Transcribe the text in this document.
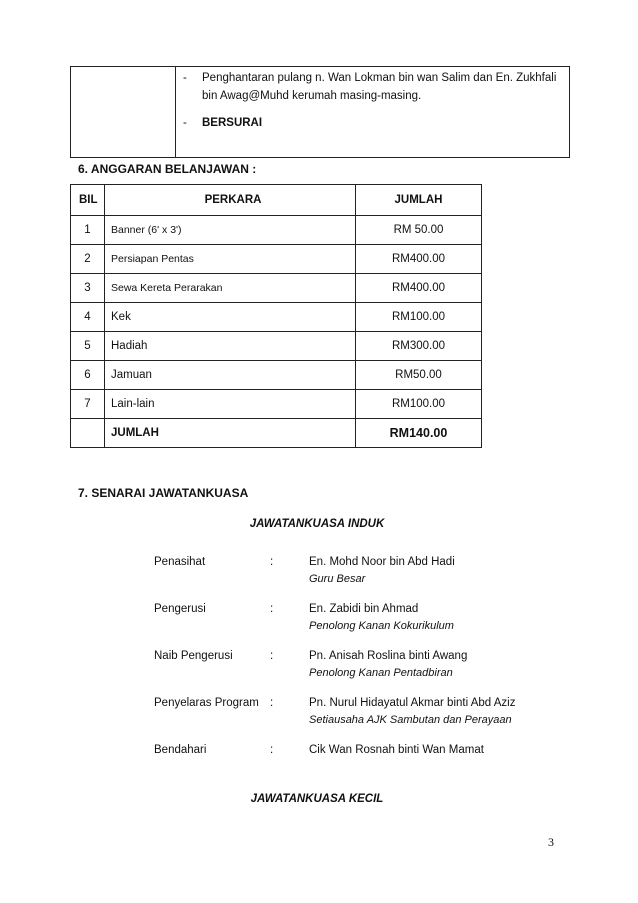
- Penghantaran pulang n. Wan Lokman bin wan Salim dan En. Zukhfali bin Awag@Muhd kerumah masing-masing.
- BERSURAI
6. ANGGARAN BELANJAWAN :
BIL	PERKARA	JUMLAH
1	Banner (6' x 3')	RM 50.00
2	Persiapan Pentas	RM400.00
3	Sewa Kereta Perarakan	RM400.00
4	Kek	RM100.00
5	Hadiah	RM300.00
6	Jamuan	RM50.00
7	Lain-lain	RM100.00
	JUMLAH	RM140.00
7. SENARAI JAWATANKUASA
JAWATANKUASA INDUK
Penasihat	:	En. Mohd Noor bin Abd Hadi
Guru Besar
Pengerusi	:	En. Zabidi bin Ahmad
Penolong Kanan Kokurikulum
Naib Pengerusi	:	Pn. Anisah Roslina binti Awang
Penolong Kanan Pentadbiran
Penyelaras Program :	Pn. Nurul Hidayatul Akmar binti Abd Aziz
Setiausaha AJK Sambutan dan Perayaan
Bendahari	:	Cik Wan Rosnah binti Wan Mamat
JAWATANKUASA KECIL
3
